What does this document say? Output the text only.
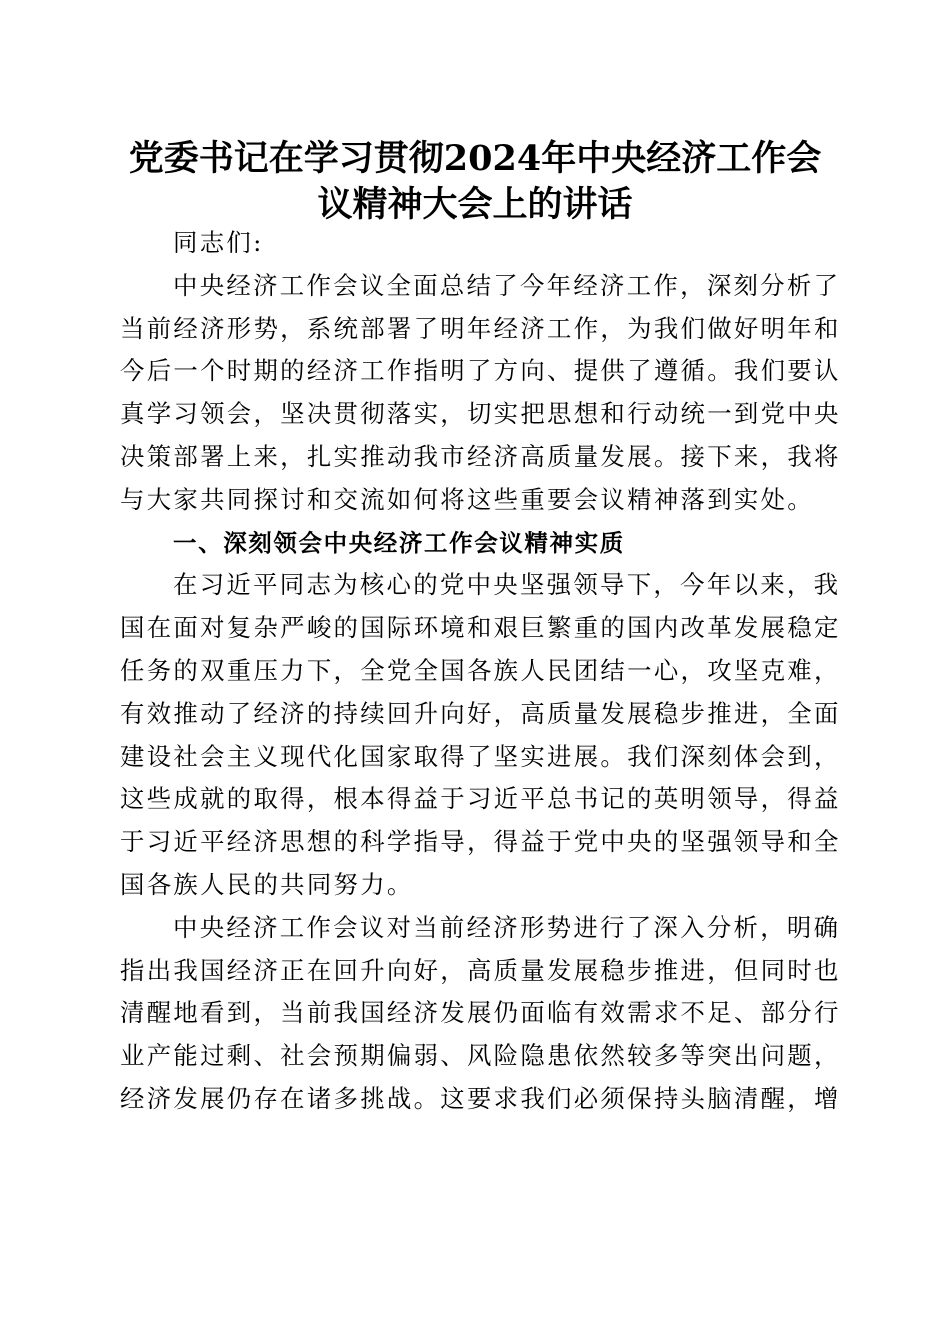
党委书记在学习贯彻2024年中央经济工作会
议精神大会上的讲话

同志们:

中央经济工作会议全面总结了今年经济工作，深刻分析了
当前经济形势，系统部署了明年经济工作，为我们做好明年和
今后一个时期的经济工作指明了方向、提供了遵循。我们要认
真学习领会，坚决贯彻落实，切实把思想和行动统一到党中央
决策部署上来，扎实推动我市经济高质量发展。接下来，我将
与大家共同探讨和交流如何将这些重要会议精神落到实处。

一、深刻领会中央经济工作会议精神实质

在习近平同志为核心的党中央坚强领导下，今年以来，我
国在面对复杂严峻的国际环境和艰巨繁重的国内改革发展稳定
任务的双重压力下，全党全国各族人民团结一心，攻坚克难，
有效推动了经济的持续回升向好，高质量发展稳步推进，全面
建设社会主义现代化国家取得了坚实进展。我们深刻体会到，
这些成就的取得，根本得益于习近平总书记的英明领导，得益
于习近平经济思想的科学指导，得益于党中央的坚强领导和全
国各族人民的共同努力。
中央经济工作会议对当前经济形势进行了深入分析，明确
指出我国经济正在回升向好，高质量发展稳步推进，但同时也
清醒地看到，当前我国经济发展仍面临有效需求不足、部分行
业产能过剩、社会预期偏弱、风险隐患依然较多等突出问题，
经济发展仍存在诸多挑战。这要求我们必须保持头脑清醒，增
